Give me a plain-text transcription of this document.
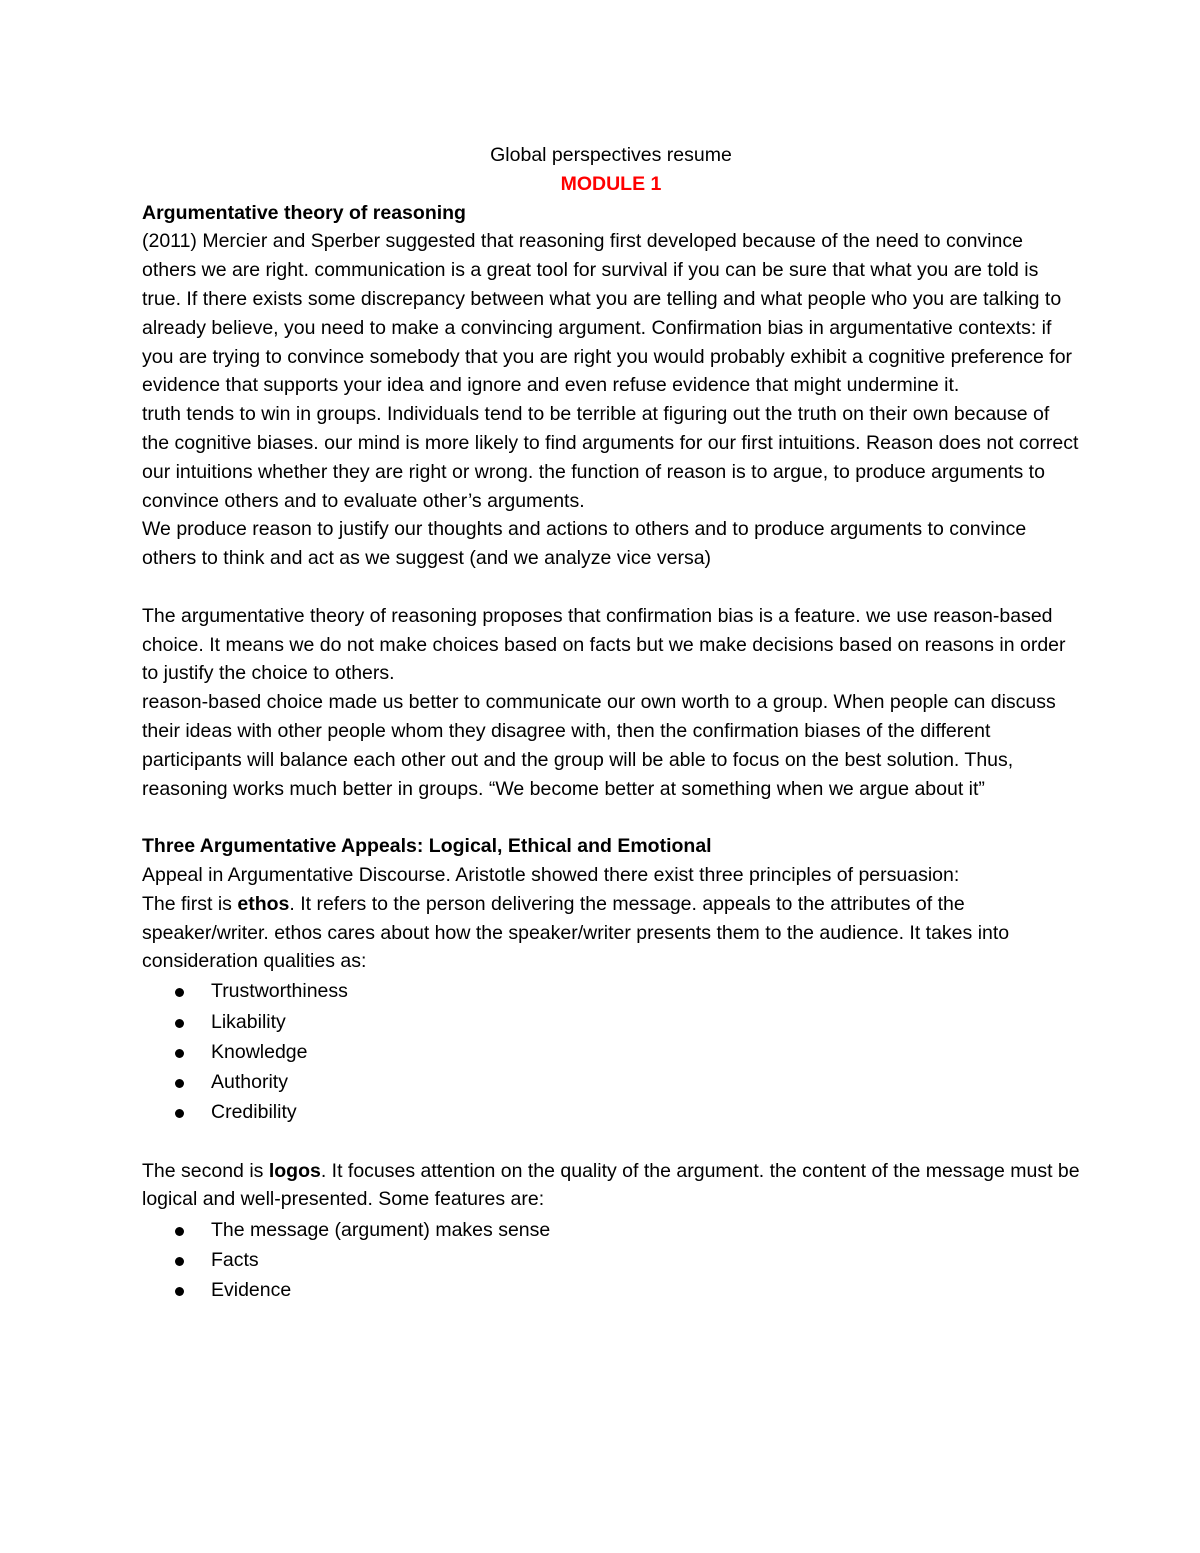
Global perspectives resume

MODULE 1

Argumentative theory of reasoning

(2011) Mercier and Sperber suggested that reasoning first developed because of the need to convince others we are right. communication is a great tool for survival if you can be sure that what you are told is true. If there exists some discrepancy between what you are telling and what people who you are talking to already believe, you need to make a convincing argument. Confirmation bias in argumentative contexts: if you are trying to convince somebody that you are right you would probably exhibit a cognitive preference for evidence that supports your idea and ignore and even refuse evidence that might undermine it.

truth tends to win in groups. Individuals tend to be terrible at figuring out the truth on their own because of the cognitive biases. our mind is more likely to find arguments for our first intuitions. Reason does not correct our intuitions whether they are right or wrong. the function of reason is to argue, to produce arguments to convince others and to evaluate other’s arguments.

We produce reason to justify our thoughts and actions to others and to produce arguments to convince others to think and act as we suggest (and we analyze vice versa)

The argumentative theory of reasoning proposes that confirmation bias is a feature. we use reason-based choice. It means we do not make choices based on facts but we make decisions based on reasons in order to justify the choice to others.

reason-based choice made us better to communicate our own worth to a group. When people can discuss their ideas with other people whom they disagree with, then the confirmation biases of the different participants will balance each other out and the group will be able to focus on the best solution. Thus, reasoning works much better in groups. “We become better at something when we argue about it”

Three Argumentative Appeals: Logical, Ethical and Emotional

Appeal in Argumentative Discourse. Aristotle showed there exist three principles of persuasion:

The first is ethos. It refers to the person delivering the message. appeals to the attributes of the speaker/writer. ethos cares about how the speaker/writer presents them to the audience. It takes into consideration qualities as:

Trustworthiness
Likability
Knowledge
Authority
Credibility

The second is logos. It focuses attention on the quality of the argument. the content of the message must be logical and well-presented. Some features are:

The message (argument) makes sense
Facts
Evidence
